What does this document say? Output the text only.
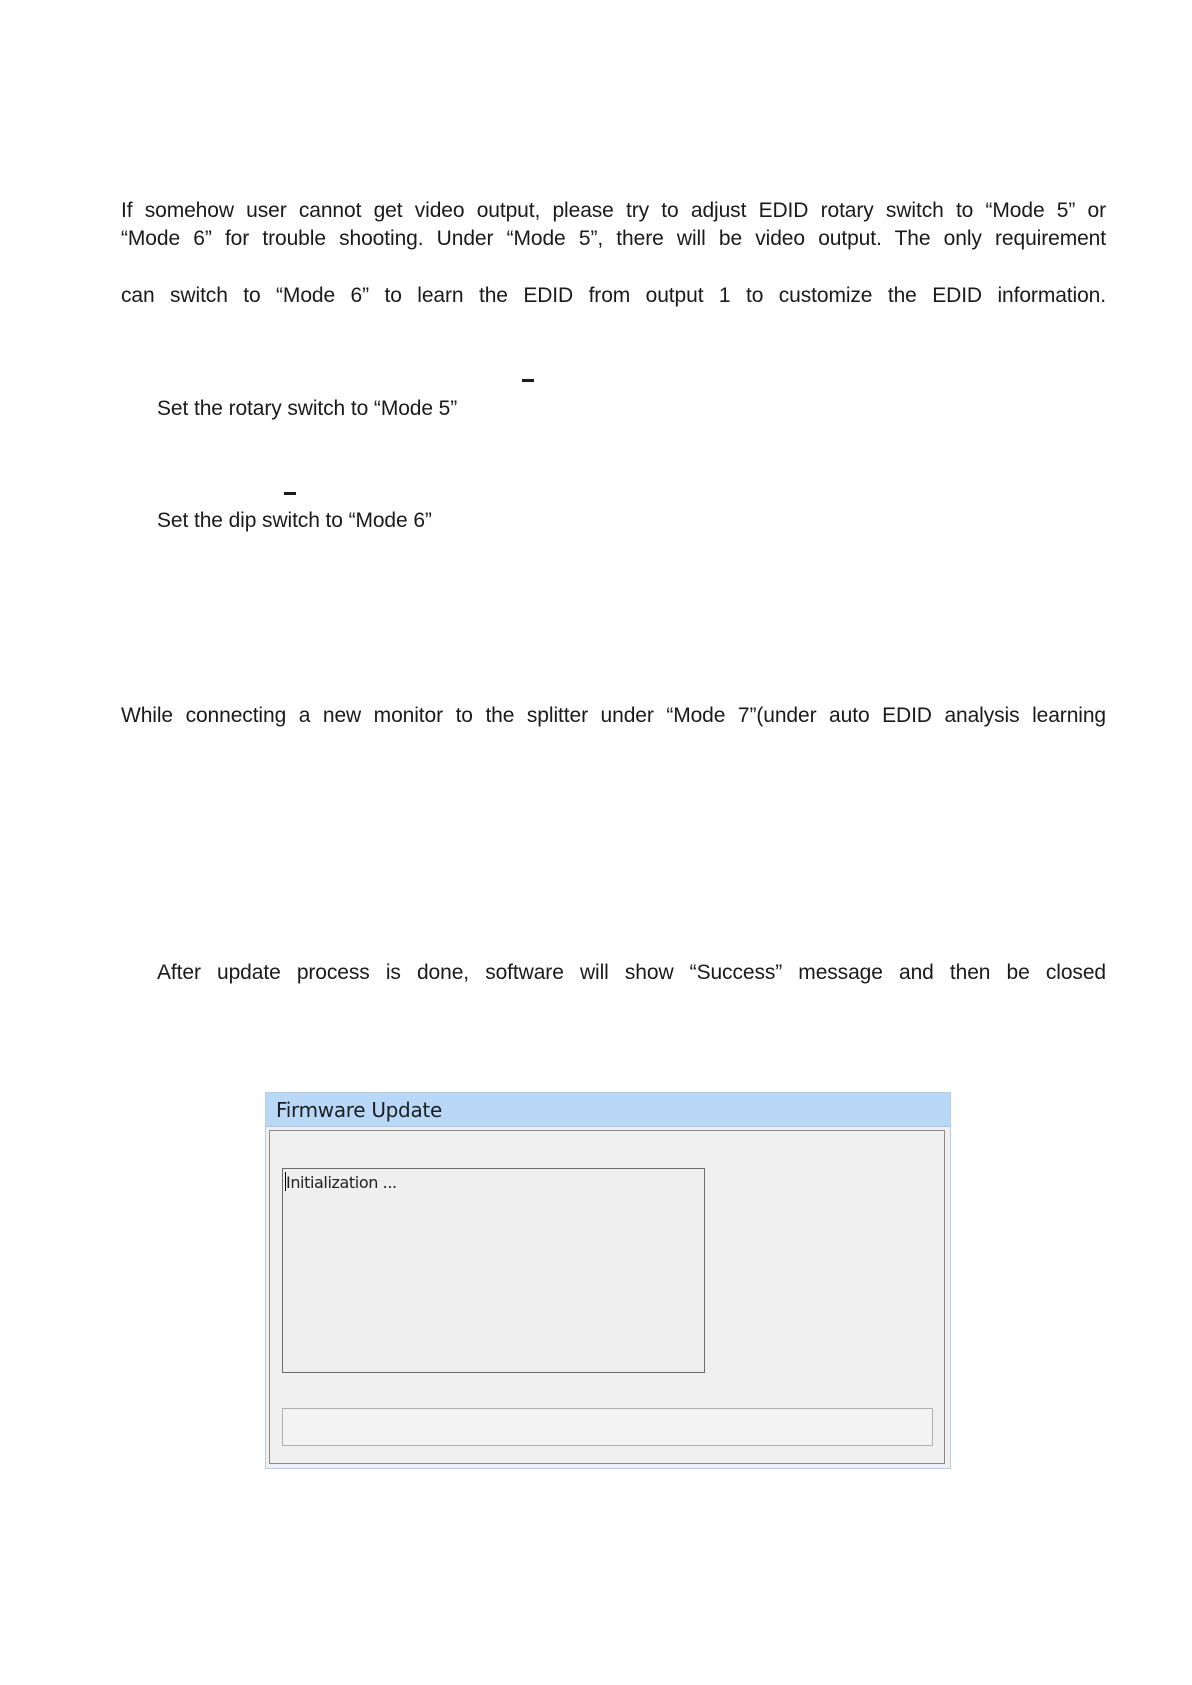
If somehow user cannot get video output, please try to adjust EDID rotary switch to “Mode 5” or
“Mode 6” for trouble shooting. Under “Mode 5”, there will be video output. The only requirement
can switch to “Mode 6” to learn the EDID from output 1 to customize the EDID information.
Set the rotary switch to “Mode 5”
Set the dip switch to “Mode 6”
While connecting a new monitor to the splitter under “Mode 7”(under auto EDID analysis learning
After update process is done, software will show “Success” message and then be closed
Firmware Update
Initialization ...
